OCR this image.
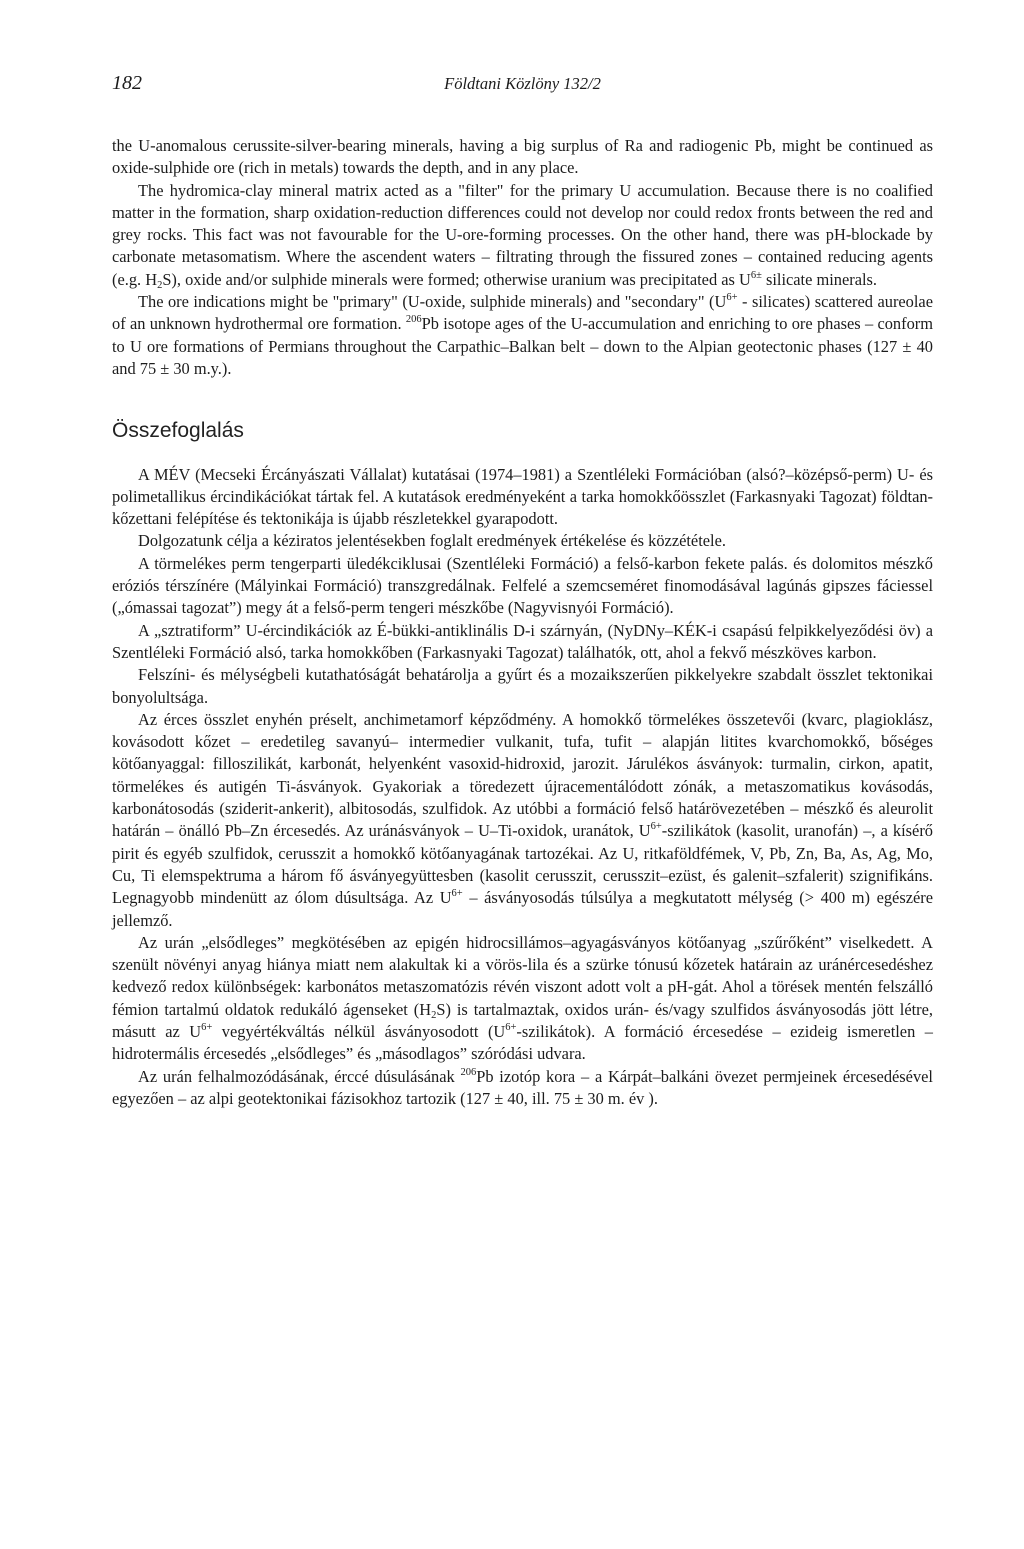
182	Földtani Közlöny 132/2

the U-anomalous cerussite-silver-bearing minerals, having a big surplus of Ra and radiogenic Pb, might be continued as oxide-sulphide ore (rich in metals) towards the depth, and in any place.

The hydromica-clay mineral matrix acted as a "filter" for the primary U accumulation. Because there is no coalified matter in the formation, sharp oxidation-reduction differences could not develop nor could redox fronts between the red and grey rocks. This fact was not favourable for the U-ore-forming processes. On the other hand, there was pH-blockade by carbonate metasomatism. Where the ascendent waters – filtrating through the fissured zones – contained reducing agents (e.g. $H_2S$), oxide and/or sulphide minerals were formed; otherwise uranium was precipitated as $U^{6\pm}$ silicate minerals.

The ore indications might be "primary" (U-oxide, sulphide minerals) and "secondary" ($U^{6+}$ - silicates) scattered aureolae of an unknown hydrothermal ore formation. $^{206}$Pb isotope ages of the U-accumulation and enriching to ore phases – conform to U ore formations of Permians throughout the Carpathic–Balkan belt – down to the Alpian geotectonic phases (127 ± 40 and 75 ± 30 m.y.).

Összefoglalás

A MÉV (Mecseki Ércányászati Vállalat) kutatásai (1974–1981) a Szentléleki Formációban (alsó?–középső-perm) U- és polimetallikus ércindikációkat tártak fel. A kutatások eredményeként a tarka homokkőösszlet (Farkasnyaki Tagozat) földtan-kőzettani felépítése és tektonikája is újabb részletekkel gyarapodott.

Dolgozatunk célja a kéziratos jelentésekben foglalt eredmények értékelése és közzététele.

A törmelékes perm tengerparti üledékciklusai (Szentléleki Formáció) a felső-karbon fekete palás. és dolomitos mészkő eróziós térszínére (Mályinkai Formáció) transzgredálnak. Felfelé a szemcseméret finomodásával lagúnás gipszes fáciessel („ómassai tagozat”) megy át a felső-perm tengeri mészkőbe (Nagyvisnyói Formáció).

A „sztratiform” U-ércindikációk az É-bükki-antiklinális D-i szárnyán, (NyDNy–KÉK-i csapású felpikkelyeződési öv) a Szentléleki Formáció alsó, tarka homokkőben (Farkasnyaki Tagozat) találhatók, ott, ahol a fekvő mészköves karbon.

Felszíni- és mélységbeli kutathatóságát behatárolja a gyűrt és a mozaikszerűen pikkelyekre szabdalt összlet tektonikai bonyolultsága.

Az érces összlet enyhén préselt, anchimetamorf képződmény. A homokkő törmelékes összetevői (kvarc, plagioklász, kovásodott kőzet – eredetileg savanyú– intermedier vulkanit, tufa, tufit – alapján litites kvarchomokkő, bőséges kötőanyaggal: filloszilikát, karbonát, helyenként vasoxid-hidroxid, jarozit. Járulékos ásványok: turmalin, cirkon, apatit, törmelékes és autigén Ti-ásványok. Gyakoriak a töredezett újracementálódott zónák, a metaszomatikus kovásodás, karbonátosodás (sziderit-ankerit), albitosodás, szulfidok. Az utóbbi a formáció felső határövezetében – mészkő és aleurolit határán – önálló Pb–Zn ércesedés. Az uránásványok – U–Ti-oxidok, uranátok, $U^{6+}$-szilikátok (kasolit, uranofán) –, a kísérő pirit és egyéb szulfidok, cerusszit a homokkő kötőanyagának tartozékai. Az U, ritkaföldfémek, V, Pb, Zn, Ba, As, Ag, Mo, Cu, Ti elemspektruma a három fő ásványegyüttesben (kasolit cerusszit, cerusszit–ezüst, és galenit–szfalerit) szignifikáns. Legnagyobb mindenütt az ólom dúsultsága. Az $U^{6+}$ – ásványosodás túlsúlya a megkutatott mélység (> 400 m) egészére jellemző.

Az urán „elsődleges” megkötésében az epigén hidrocsillámos–agyagásványos kötőanyag „szűrőként” viselkedett. A szenült növényi anyag hiánya miatt nem alakultak ki a vörös-lila és a szürke tónusú kőzetek határain az uránércesedéshez kedvező redox különbségek: karbonátos metaszomatózis révén viszont adott volt a pH-gát. Ahol a törések mentén felszálló fémion tartalmú oldatok redukáló ágenseket $(H_2S)$ is tartalmaztak, oxidos urán- és/vagy szulfidos ásványosodás jött létre, másutt az $U^{6+}$ vegyértékváltás nélkül ásványosodott $(U^{6+}-szilikátok)$. A formáció ércesedése – ezideig ismeretlen – hidrotermális ércesedés „elsődleges” és „másodlagos” szóródási udvara.

Az urán felhalmozódásának, érccé dúsulásának $^{206}$Pb izotóp kora – a Kárpát–balkáni övezet permjeinek ércesedésével egyezően – az alpi geotektonikai fázisokhoz tartozik (127 ± 40, ill. 75 ± 30 m. év ).
